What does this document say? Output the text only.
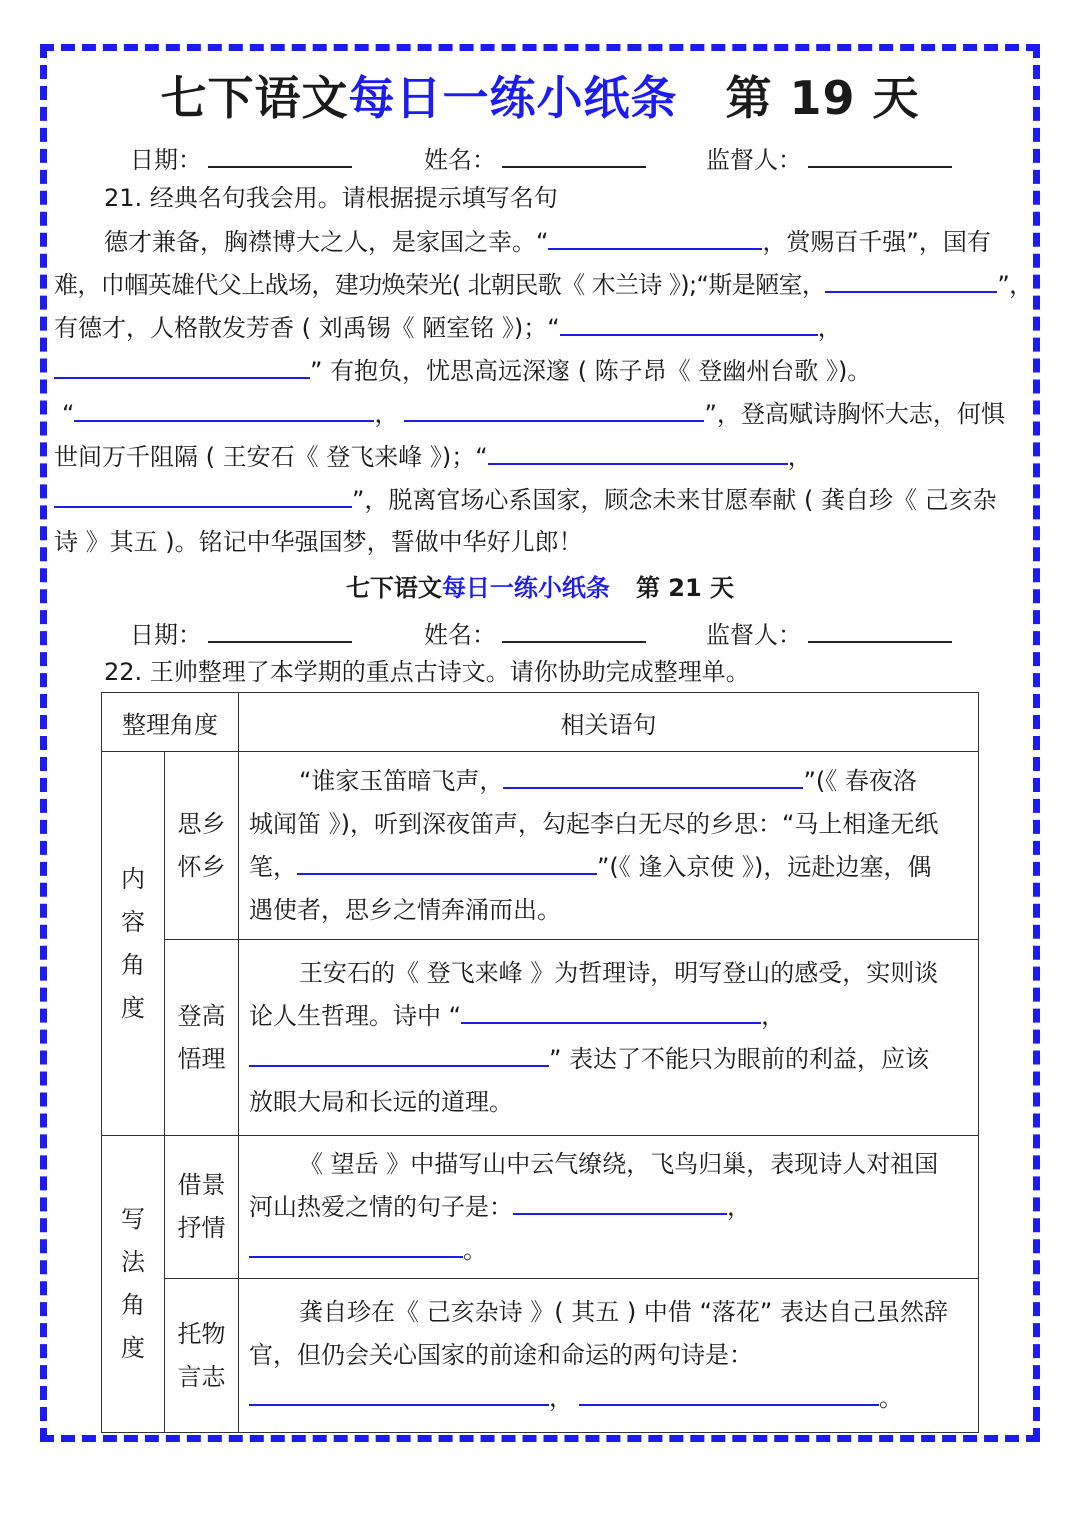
七下语文每日一练小纸条 第 19 天
日期：	姓名：	监督人：
21. 经典名句我会用。请根据提示填写名句
德才兼备，胸襟博大之人，是家国之幸。“	，赏赐百千强”，国有
难，巾帼英雄代父上战场，建功焕荣光( 北朝民歌《 木兰诗 》);“斯是陋室，	”，
有德才，人格散发芳香 ( 刘禹锡《 陋室铭 》)；“	，
” 有抱负，忧思高远深邃 ( 陈子昂《 登幽州台歌 》)。
“	，	”，登高赋诗胸怀大志，何惧
世间万千阻隔 ( 王安石《 登飞来峰 》)；“	，
”，脱离官场心系国家，顾念未来甘愿奉献 ( 龚自珍《 己亥杂
诗 》其五 )。铭记中华强国梦，誓做中华好儿郎！
七下语文每日一练小纸条 第 21 天
日期：	姓名：	监督人：
22. 王帅整理了本学期的重点古诗文。请你协助完成整理单。
整理角度		相关语句

内容角度	思乡怀乡	“谁家玉笛暗飞声， ”(《 春夜洛

城闻笛 》)，听到深夜笛声，勾起李白无尽的乡思：“马上相逢无纸

笔， ”(《 逢入京使 》)，远赴边塞，偶

遇使者，思乡之情奔涌而出。

	登高悟理	王安石的《 登飞来峰 》为哲理诗，明写登山的感受，实则谈

论人生哲理。诗中 “ ，

” 表达了不能只为眼前的利益，应该

放眼大局和长远的道理。

写法角度	借景抒情	《 望岳 》中描写山中云气缭绕，飞鸟归巢，表现诗人对祖国

河山热爱之情的句子是： ，

。

	托物言志	龚自珍在《 己亥杂诗 》( 其五 ) 中借 “落花” 表达自己虽然辞

官，但仍会关心国家的前途和命运的两句诗是：

， 。
